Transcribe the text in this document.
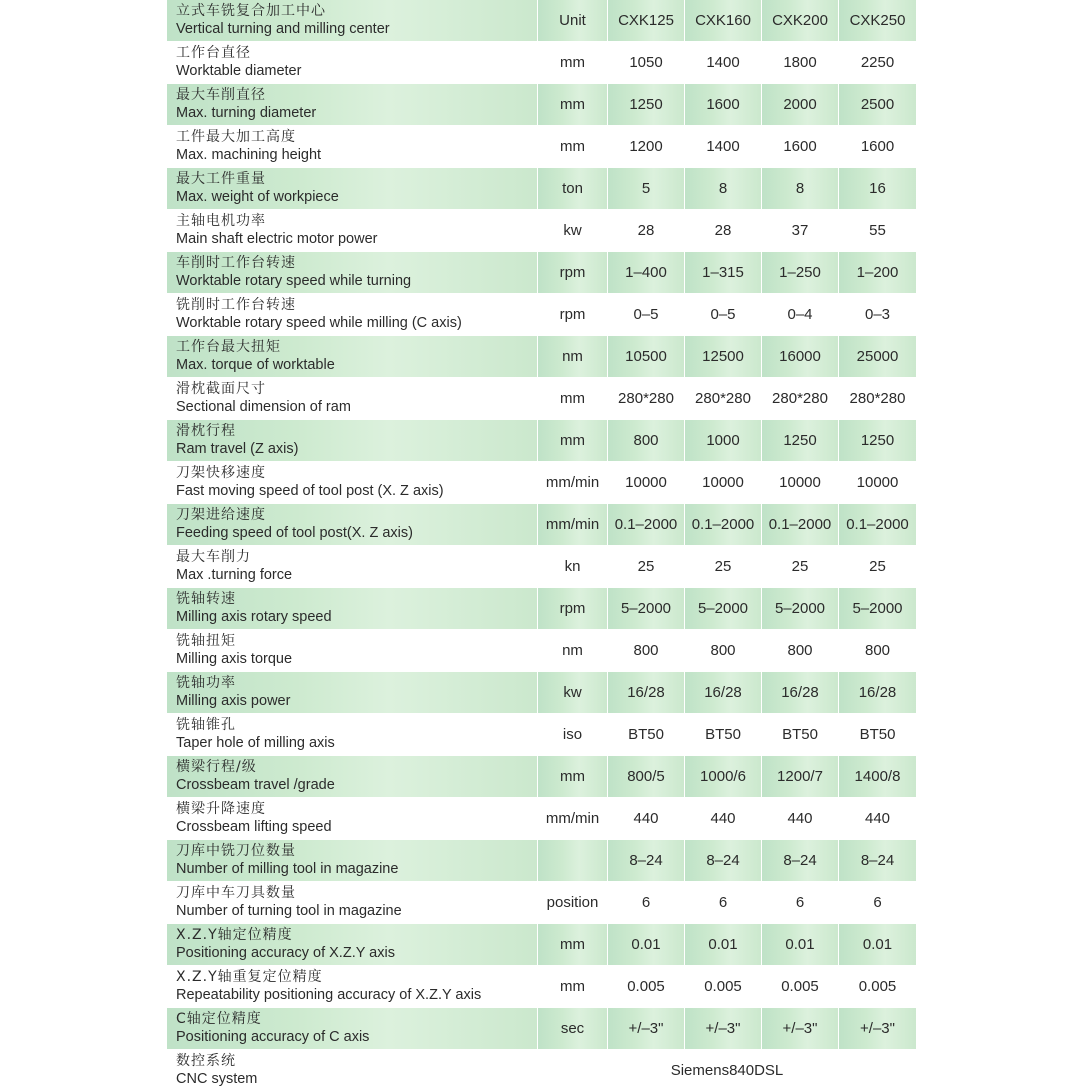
立式车铣复合加工中心
Vertical turning and milling center	Unit	CXK125	CXK160	CXK200	CXK250

工作台直径
Worktable diameter	mm	1050	1400	1800	2250

最大车削直径
Max. turning diameter	mm	1250	1600	2000	2500

工件最大加工高度
Max. machining height	mm	1200	1400	1600	1600

最大工件重量
Max. weight of workpiece	ton	5	8	8	16

主轴电机功率
Main shaft electric motor power	kw	28	28	37	55

车削时工作台转速
Worktable rotary speed while turning	rpm	1–400	1–315	1–250	1–200

铣削时工作台转速
Worktable rotary speed while milling (C axis)	rpm	0–5	0–5	0–4	0–3

工作台最大扭矩
Max. torque of worktable	nm	10500	12500	16000	25000

滑枕截面尺寸
Sectional dimension of ram	mm	280*280	280*280	280*280	280*280

滑枕行程
Ram travel (Z axis)	mm	800	1000	1250	1250

刀架快移速度
Fast moving speed of tool post (X. Z axis)	mm/min	10000	10000	10000	10000

刀架进给速度
Feeding speed of tool post(X. Z axis)	mm/min	0.1–2000	0.1–2000	0.1–2000	0.1–2000

最大车削力
Max .turning force	kn	25	25	25	25

铣轴转速
Milling axis rotary speed	rpm	5–2000	5–2000	5–2000	5–2000

铣轴扭矩
Milling axis torque	nm	800	800	800	800

铣轴功率
Milling axis power	kw	16/28	16/28	16/28	16/28

铣轴锥孔
Taper hole of milling axis	iso	BT50	BT50	BT50	BT50

横梁行程/级
Crossbeam travel /grade	mm	800/5	1000/6	1200/7	1400/8

横梁升降速度
Crossbeam lifting speed	mm/min	440	440	440	440

刀库中铣刀位数量
Number of milling tool in magazine		8–24	8–24	8–24	8–24

刀库中车刀具数量
Number of turning tool in magazine	position	6	6	6	6

X.Z.Y轴定位精度
Positioning accuracy of X.Z.Y axis	mm	0.01	0.01	0.01	0.01

X.Z.Y轴重复定位精度
Repeatability positioning accuracy of X.Z.Y axis	mm	0.005	0.005	0.005	0.005

C轴定位精度
Positioning accuracy of C axis	sec	+/–3"	+/–3"	+/–3"	+/–3"

数控系统
CNC system	Siemens840DSL				
